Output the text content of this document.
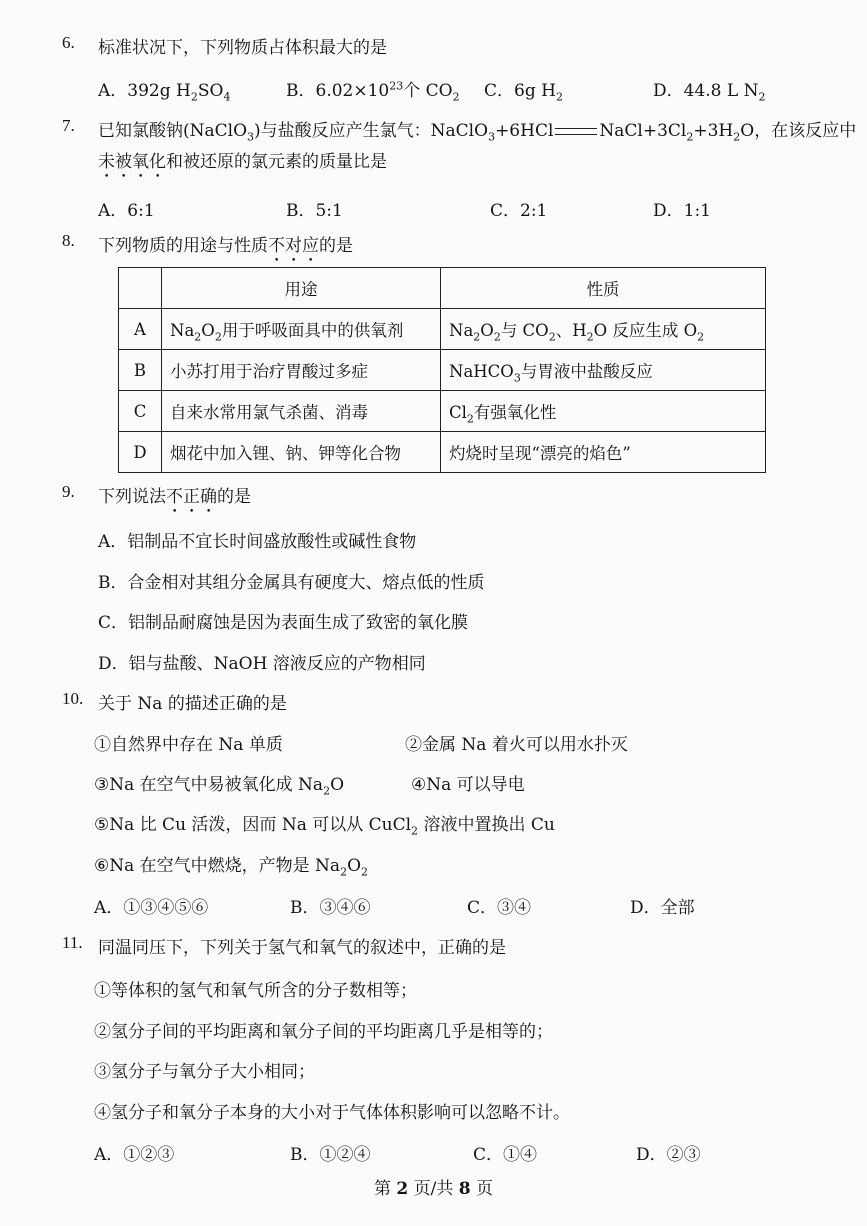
6. 标准状况下，下列物质占体积最大的是
A．392g $H_2SO_4$	B．$6.02\times 10^{23}$个 $CO_2$ C．6g $H_2$	D．44.8 L $N_2$
7. 已知氯酸钠(NaClO$_3$)与盐酸反应产生氯气：NaClO$_3$+6HCl	$NaCl+3Cl_2+3H_2O$，在该反应中
未被氧化和被还原的氯元素的质量比是
A．6:1	B．5:1	C．2:1	D．1:1
8. 下列物质的用途与性质不对应的是
	用途	性质
A	$Na_2O_2$用于呼吸面具中的供氧剂	$Na_2O_2$与 $CO_2$、$H_2O$ 反应生成 $O_2$
B	小苏打用于治疗胃酸过多症	NaHCO$_3$与胃液中盐酸反应
C	自来水常用氯气杀菌、消毒	$Cl_2$有强氧化性
D	烟花中加入锂、钠、钾等化合物	灼烧时呈现“漂亮的焰色”
9. 下列说法不正确的是
A．铝制品不宜长时间盛放酸性或碱性食物
B．合金相对其组分金属具有硬度大、熔点低的性质
C．铝制品耐腐蚀是因为表面生成了致密的氧化膜
D．铝与盐酸、NaOH 溶液反应的产物相同
10. 关于 Na 的描述正确的是
①自然界中存在 Na 单质	②金属 Na 着火可以用水扑灭
③Na 在空气中易被氧化成 $Na_2O$	④Na 可以导电
⑤Na 比 Cu 活泼，因而 Na 可以从 CuCl$_2$ 溶液中置换出 Cu
⑥Na 在空气中燃烧，产物是 $Na_2O_2$
A．①③④⑤⑥	B．③④⑥	C．③④	D．全部
11. 同温同压下，下列关于氢气和氧气的叙述中，正确的是
①等体积的氢气和氧气所含的分子数相等；
②氢分子间的平均距离和氧分子间的平均距离几乎是相等的；
③氢分子与氧分子大小相同；
④氢分子和氧分子本身的大小对于气体体积影响可以忽略不计。
A．①②③	B．①②④	C．①④	D．②③
第 2 页/共 8 页
